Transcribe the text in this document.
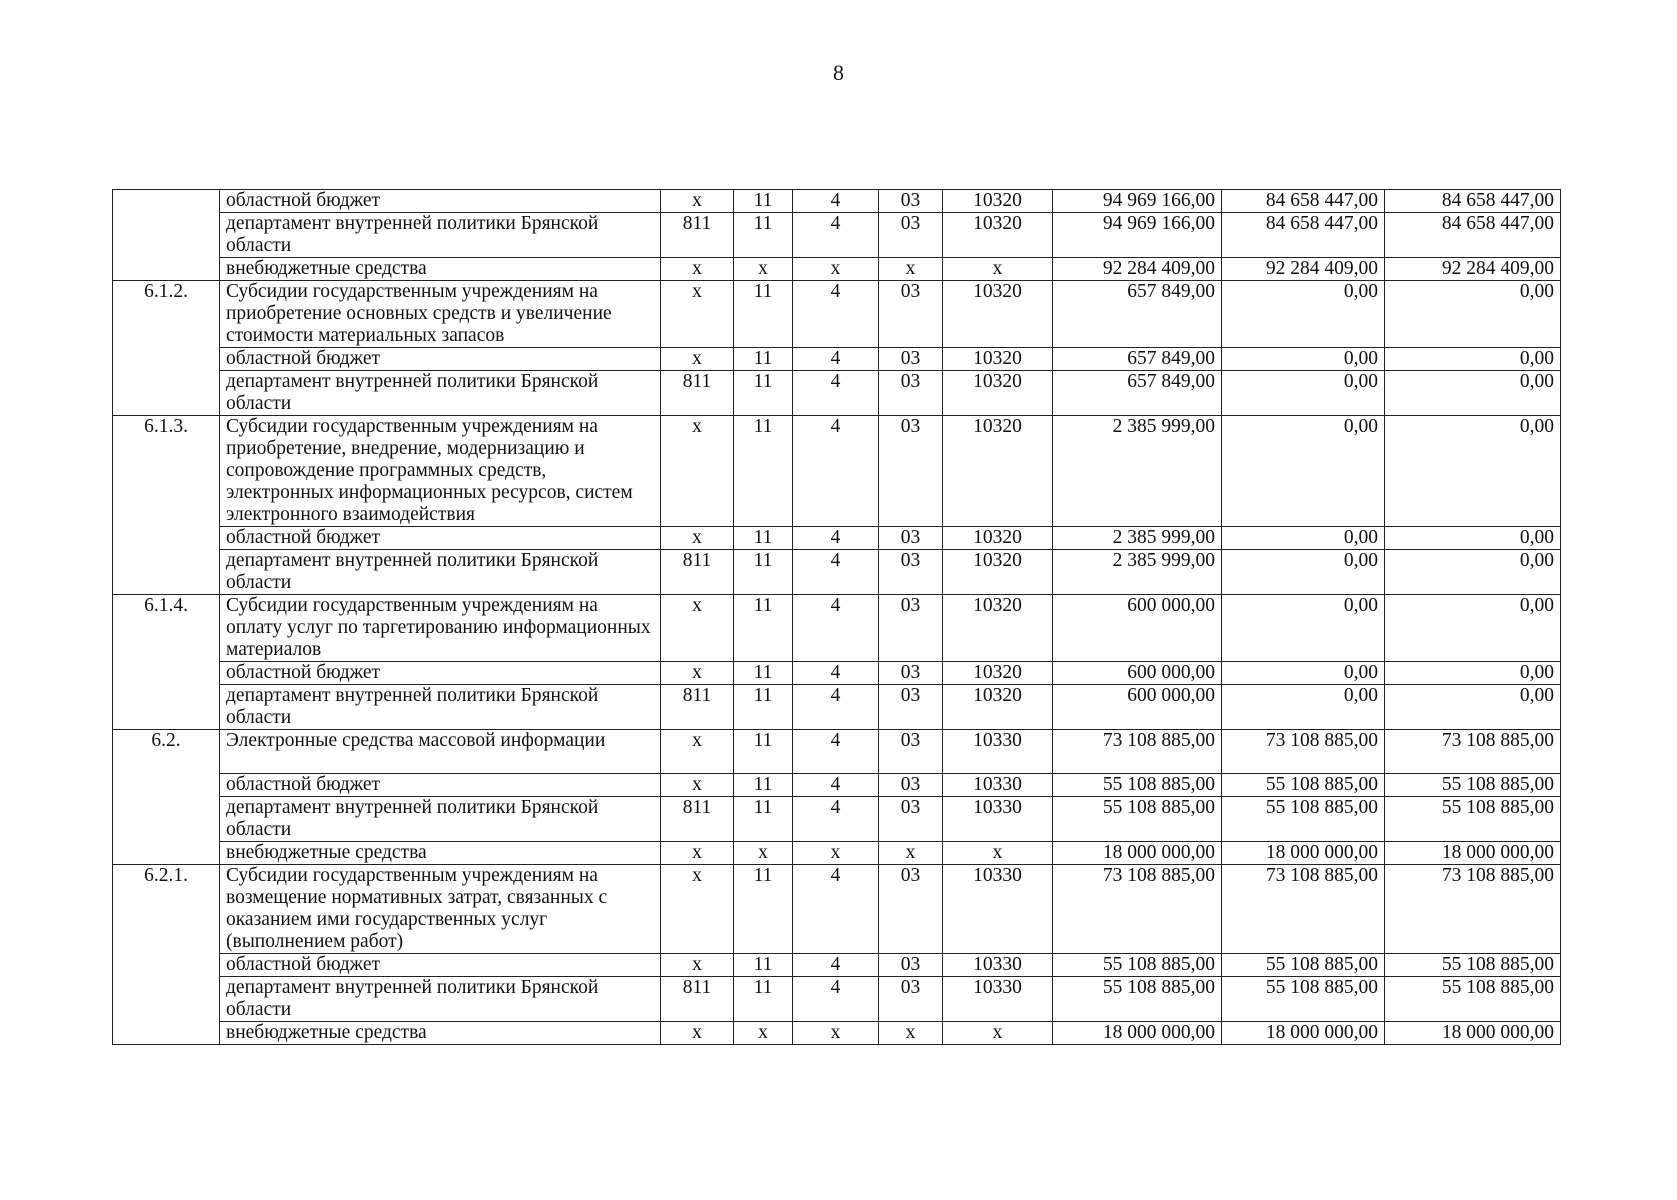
8
	областной бюджет	x	11	4	03	10320	94 969 166,00	84 658 447,00	84 658 447,00
	департамент внутренней политики Брянской области	811	11	4	03	10320	94 969 166,00	84 658 447,00	84 658 447,00
	внебюджетные средства	x	x	x	x	x	92 284 409,00	92 284 409,00	92 284 409,00
6.1.2.	Субсидии государственным учреждениям на приобретение основных средств и увеличение стоимости материальных запасов	x	11	4	03	10320	657 849,00	0,00	0,00
	областной бюджет	x	11	4	03	10320	657 849,00	0,00	0,00
	департамент внутренней политики Брянской области	811	11	4	03	10320	657 849,00	0,00	0,00
6.1.3.	Субсидии государственным учреждениям на приобретение, внедрение, модернизацию и сопровождение программных средств, электронных информационных ресурсов, систем электронного взаимодействия	x	11	4	03	10320	2 385 999,00	0,00	0,00
	областной бюджет	x	11	4	03	10320	2 385 999,00	0,00	0,00
	департамент внутренней политики Брянской области	811	11	4	03	10320	2 385 999,00	0,00	0,00
6.1.4.	Субсидии государственным учреждениям на оплату услуг по таргетированию информационных материалов	x	11	4	03	10320	600 000,00	0,00	0,00
	областной бюджет	x	11	4	03	10320	600 000,00	0,00	0,00
	департамент внутренней политики Брянской области	811	11	4	03	10320	600 000,00	0,00	0,00
6.2.	Электронные средства массовой информации	x	11	4	03	10330	73 108 885,00	73 108 885,00	73 108 885,00
	областной бюджет	x	11	4	03	10330	55 108 885,00	55 108 885,00	55 108 885,00
	департамент внутренней политики Брянской области	811	11	4	03	10330	55 108 885,00	55 108 885,00	55 108 885,00
	внебюджетные средства	x	x	x	x	x	18 000 000,00	18 000 000,00	18 000 000,00
6.2.1.	Субсидии государственным учреждениям на возмещение нормативных затрат, связанных с оказанием ими государственных услуг (выполнением работ)	x	11	4	03	10330	73 108 885,00	73 108 885,00	73 108 885,00
	областной бюджет	x	11	4	03	10330	55 108 885,00	55 108 885,00	55 108 885,00
	департамент внутренней политики Брянской области	811	11	4	03	10330	55 108 885,00	55 108 885,00	55 108 885,00
	внебюджетные средства	x	x	x	x	x	18 000 000,00	18 000 000,00	18 000 000,00
